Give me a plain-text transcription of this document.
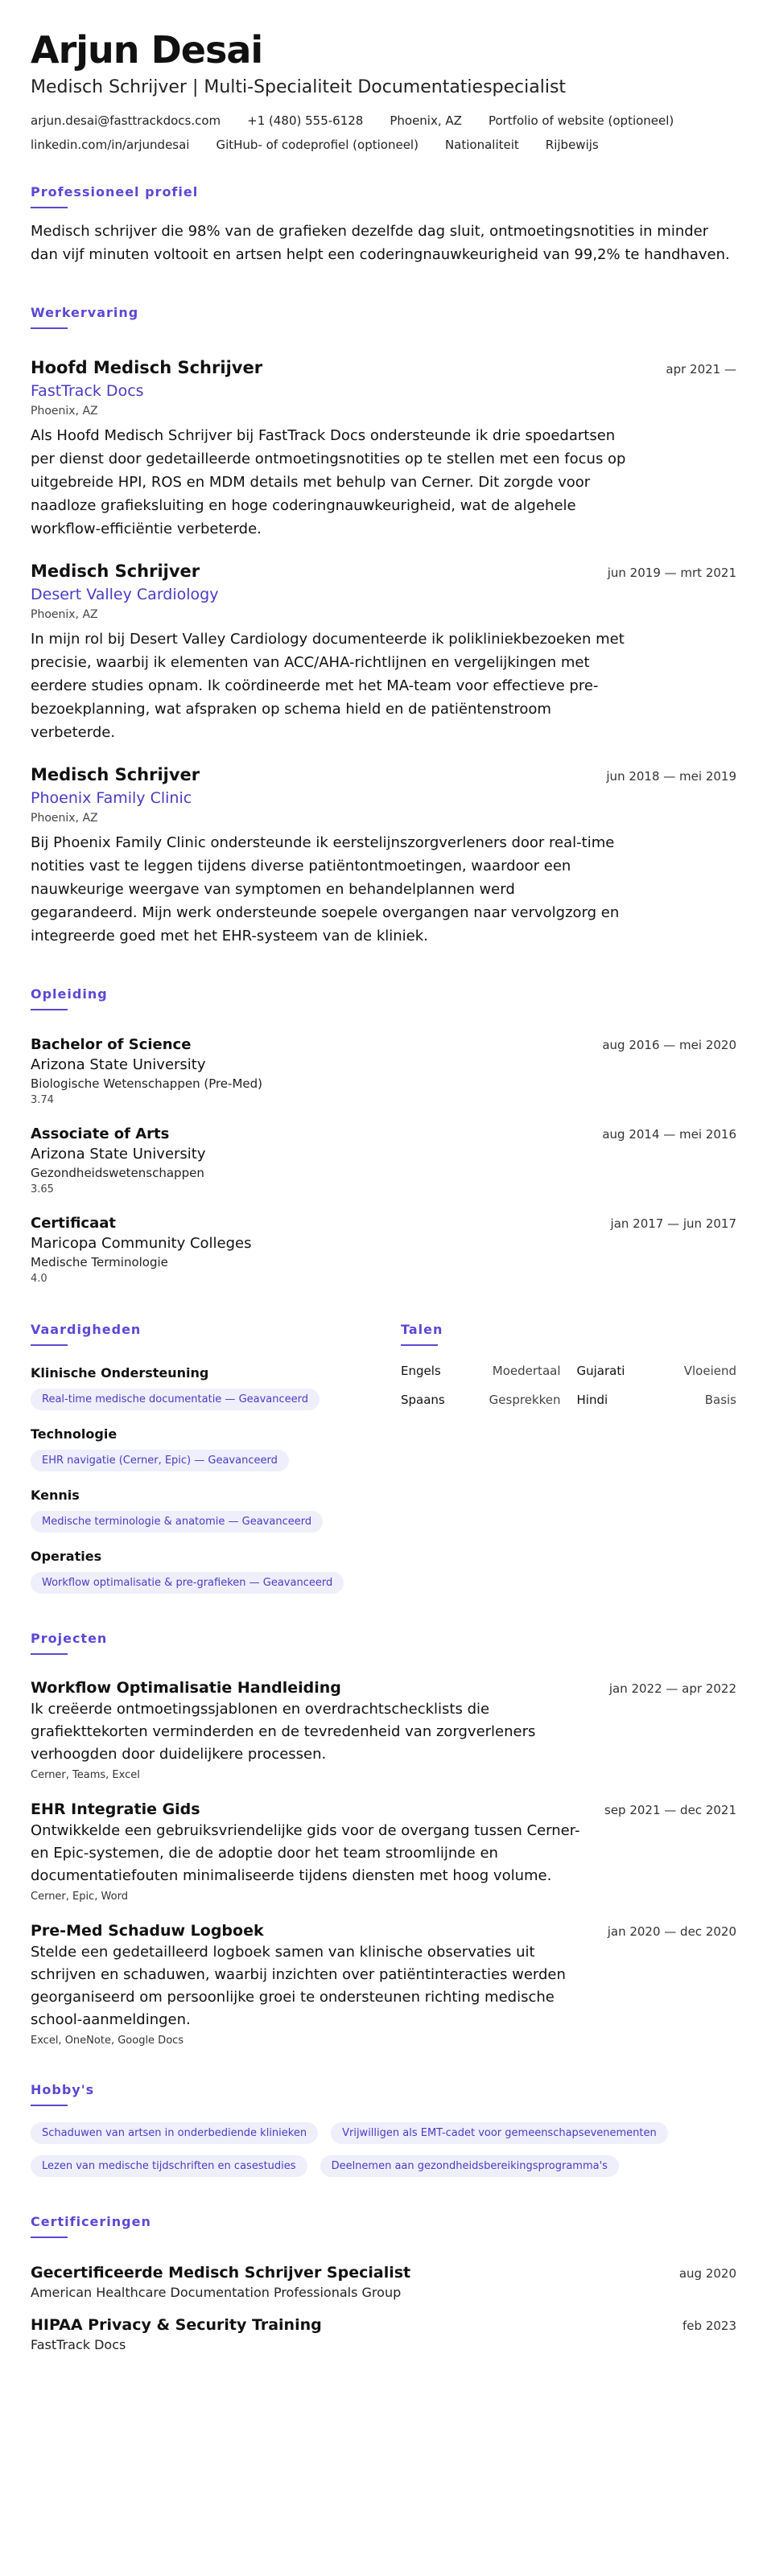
Arjun Desai
Medisch Schrijver | Multi-Specialiteit Documentatiespecialist
arjun.desai@fasttrackdocs.com +1 (480) 555-6128 Phoenix, AZ Portfolio of website (optioneel)
linkedin.com/in/arjundesai GitHub- of codeprofiel (optioneel) Nationaliteit Rijbewijs
Professioneel profiel
Medisch schrijver die 98% van de grafieken dezelfde dag sluit, ontmoetingsnotities in minder dan vijf minuten voltooit en artsen helpt een coderingnauwkeurigheid van 99,2% te handhaven.
Werkervaring
Hoofd Medisch Schrijver	apr 2021 —
FastTrack Docs
Phoenix, AZ
Als Hoofd Medisch Schrijver bij FastTrack Docs ondersteunde ik drie spoedartsen per dienst door gedetailleerde ontmoetingsnotities op te stellen met een focus op uitgebreide HPI, ROS en MDM details met behulp van Cerner. Dit zorgde voor naadloze grafieksluiting en hoge coderingnauwkeurigheid, wat de algehele workflow-efficiëntie verbeterde.
Medisch Schrijver	jun 2019 — mrt 2021
Desert Valley Cardiology
Phoenix, AZ
In mijn rol bij Desert Valley Cardiology documenteerde ik polikliniekbezoeken met precisie, waarbij ik elementen van ACC/AHA-richtlijnen en vergelijkingen met eerdere studies opnam. Ik coördineerde met het MA-team voor effectieve pre-bezoekplanning, wat afspraken op schema hield en de patiëntenstroom verbeterde.
Medisch Schrijver	jun 2018 — mei 2019
Phoenix Family Clinic
Phoenix, AZ
Bij Phoenix Family Clinic ondersteunde ik eerstelijnszorgverleners door real-time notities vast te leggen tijdens diverse patiëntontmoetingen, waardoor een nauwkeurige weergave van symptomen en behandelplannen werd gegarandeerd. Mijn werk ondersteunde soepele overgangen naar vervolgzorg en integreerde goed met het EHR-systeem van de kliniek.
Opleiding
Bachelor of Science	aug 2016 — mei 2020
Arizona State University
Biologische Wetenschappen (Pre-Med)
3.74
Associate of Arts	aug 2014 — mei 2016
Arizona State University
Gezondheidswetenschappen
3.65
Certificaat	jan 2017 — jun 2017
Maricopa Community Colleges
Medische Terminologie
4.0
Vaardigheden
Klinische Ondersteuning
Real-time medische documentatie — Geavanceerd
Technologie
EHR navigatie (Cerner, Epic) — Geavanceerd
Kennis
Medische terminologie & anatomie — Geavanceerd
Operaties
Workflow optimalisatie & pre-grafieken — Geavanceerd
Talen
Engels	Moedertaal Gujarati	Vloeiend
Spaans	Gesprekken Hindi	Basis
Projecten
Workflow Optimalisatie Handleiding	jan 2022 — apr 2022
Ik creëerde ontmoetingssjablonen en overdrachtschecklists die grafiekttekorten verminderden en de tevredenheid van zorgverleners verhoogden door duidelijkere processen.
Cerner, Teams, Excel
EHR Integratie Gids	sep 2021 — dec 2021
Ontwikkelde een gebruiksvriendelijke gids voor de overgang tussen Cerner- en Epic-systemen, die de adoptie door het team stroomlijnde en documentatiefouten minimaliseerde tijdens diensten met hoog volume.
Cerner, Epic, Word
Pre-Med Schaduw Logboek	jan 2020 — dec 2020
Stelde een gedetailleerd logboek samen van klinische observaties uit schrijven en schaduwen, waarbij inzichten over patiëntinteracties werden georganiseerd om persoonlijke groei te ondersteunen richting medische school-aanmeldingen.
Excel, OneNote, Google Docs
Hobby's
Schaduwen van artsen in onderbediende klinieken	Vrijwilligen als EMT-cadet voor gemeenschapsevenementen
Lezen van medische tijdschriften en casestudies	Deelnemen aan gezondheidsbereikingsprogramma's
Certificeringen
Gecertificeerde Medisch Schrijver Specialist	aug 2020
American Healthcare Documentation Professionals Group
HIPAA Privacy & Security Training	feb 2023
FastTrack Docs
